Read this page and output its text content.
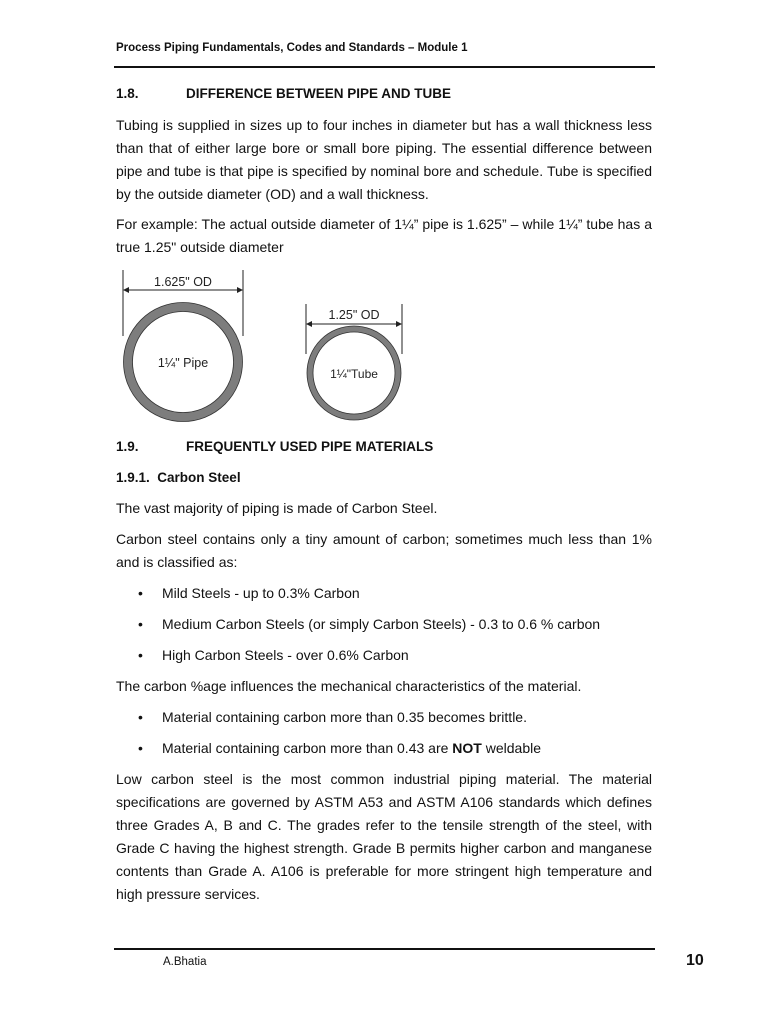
Process Piping Fundamentals, Codes and Standards – Module 1
1.8.	DIFFERENCE BETWEEN PIPE AND TUBE

Tubing is supplied in sizes up to four inches in diameter but has a wall thickness less than that of either large bore or small bore piping. The essential difference between pipe and tube is that pipe is specified by nominal bore and schedule. Tube is specified by the outside diameter (OD) and a wall thickness.

For example: The actual outside diameter of 1¼” pipe is 1.625” – while 1¼” tube has a true 1.25" outside diameter

1.625" OD
1¼" Pipe
1.25" OD
1¼"Tube
1.9.	FREQUENTLY USED PIPE MATERIALS
1.9.1. Carbon Steel

The vast majority of piping is made of Carbon Steel.

Carbon steel contains only a tiny amount of carbon; sometimes much less than 1% and is classified as:

• Mild Steels - up to 0.3% Carbon
• Medium Carbon Steels (or simply Carbon Steels) - 0.3 to 0.6 % carbon
• High Carbon Steels - over 0.6% Carbon

The carbon %age influences the mechanical characteristics of the material.

• Material containing carbon more than 0.35 becomes brittle.
• Material containing carbon more than 0.43 are NOT weldable

Low carbon steel is the most common industrial piping material. The material specifications are governed by ASTM A53 and ASTM A106 standards which defines three Grades A, B and C. The grades refer to the tensile strength of the steel, with Grade C having the highest strength. Grade B permits higher carbon and manganese contents than Grade A. A106 is preferable for more stringent high temperature and high pressure services.

A.Bhatia	10
